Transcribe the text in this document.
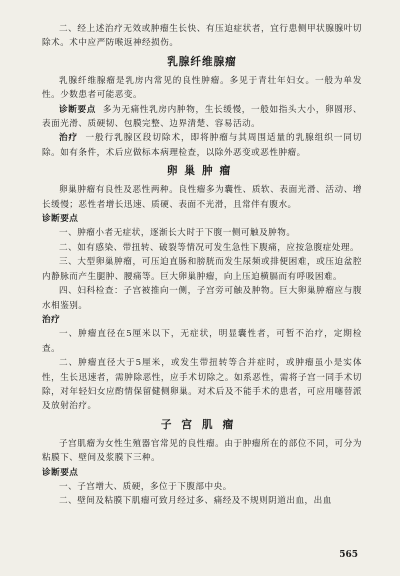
二、经上述治疗无效或肿瘤生长快、有压迫症状者，宜行患侧甲状腺腺叶切除术。术中应严防喉返神经损伤。

乳腺纤维腺瘤

乳腺纤维腺瘤是乳房内常见的良性肿瘤。多见于青壮年妇女。一般为单发性。少数患者可能恶变。

诊断要点 多为无痛性乳房内肿物，生长缓慢，一般如指头大小，卵圆形、表面光滑、质硬韧、包膜完整、边界清楚、容易活动。

治疗 一般行乳腺区段切除术，即将肿瘤与其周围适量的乳腺组织一同切除。如有条件，术后应做标本病理检查，以除外恶变或恶性肿瘤。

卵巢肿瘤

卵巢肿瘤有良性及恶性两种。良性瘤多为囊性、质软、表面光滑、活动、增长缓慢；恶性者增长迅速、质硬、表面不光滑，且常伴有腹水。

诊断要点

一、肿瘤小者无症状，逐渐长大时于下腹一侧可触及肿物。

二、如有感染、带扭转、破裂等情况可发生急性下腹痛，应按急腹症处理。

三、大型卵巢肿瘤，可压迫直肠和膀胱而发生尿频或排便困难，或压迫盆腔内静脉而产生腿肿、腰痛等。巨大卵巢肿瘤，向上压迫横膈而有呼吸困难。

四、妇科检查：子宫被推向一侧，子宫旁可触及肿物。巨大卵巢肿瘤应与腹水相鉴别。

治疗

一、肿瘤直径在5厘米以下，无症状，明显囊性者，可暂不治疗，定期检查。

二、肿瘤直径大于5厘米，或发生带扭转等合并症时，或肿瘤虽小是实体性，生长迅速者，需肿除恶性，应手术切除之。如系恶性，需将子宫一同手术切除，对年轻妇女应酌情保留健侧卵巢。对术后及不能手术的患者，可应用噻替派及放射治疗。

子宫肌瘤

子宫肌瘤为女性生殖器官常见的良性瘤。由于肿瘤所在的部位不同，可分为粘膜下、壁间及浆膜下三种。

诊断要点

一、子宫增大、质硬，多位于下腹部中央。

二、壁间及粘膜下肌瘤可致月经过多、痛经及不规则阴道出血，出血

565
